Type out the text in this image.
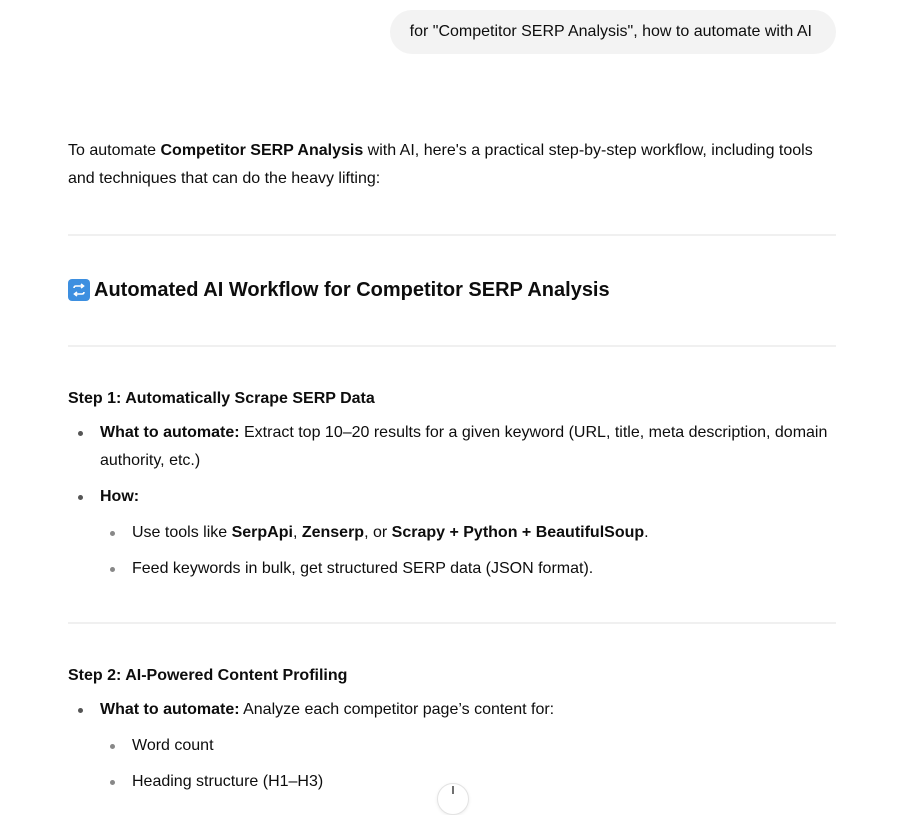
for "Competitor SERP Analysis", how to automate with AI

To automate Competitor SERP Analysis with AI, here's a practical step-by-step workflow, including tools and techniques that can do the heavy lifting:

Automated AI Workflow for Competitor SERP Analysis
Step 1: Automatically Scrape SERP Data
What to automate: Extract top 10–20 results for a given keyword (URL, title, meta description, domain authority, etc.)
How:
Use tools like SerpApi, Zenserp, or Scrapy + Python + BeautifulSoup.
Feed keywords in bulk, get structured SERP data (JSON format).
Step 2: AI-Powered Content Profiling
What to automate: Analyze each competitor page’s content for:
Word count
Heading structure (H1–H3)
